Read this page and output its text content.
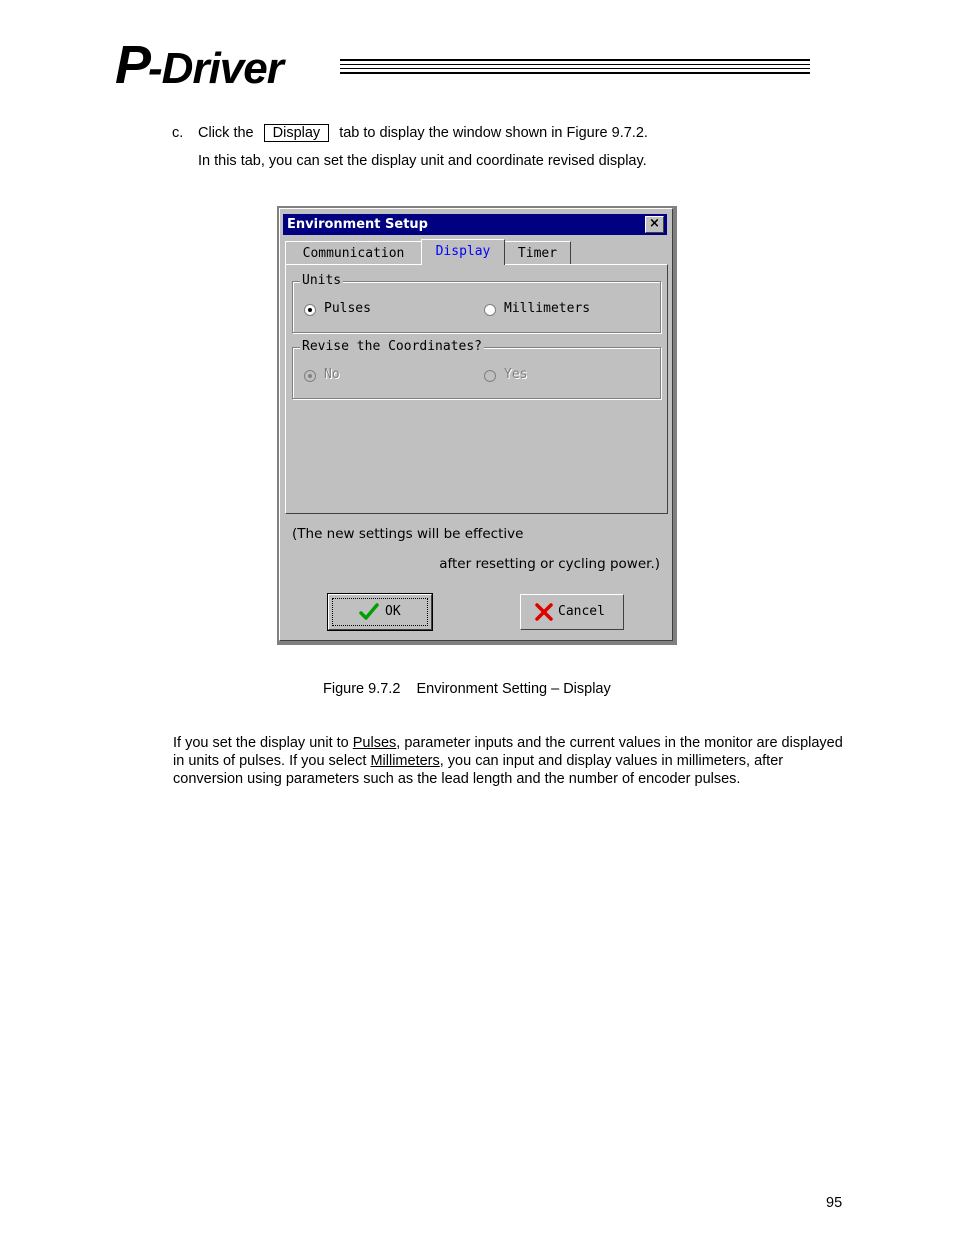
P-Driver
c. Click the Display tab to display the window shown in Figure 9.7.2.
In this tab, you can set the display unit and coordinate revised display.
Environment Setup	×
Communication	Display	Timer
Units
Pulses	Millimeters
Revise the Coordinates?
No	Yes
(The new settings will be effective
after resetting or cycling power.)
OK	Cancel
Figure 9.7.2 Environment Setting – Display
If you set the display unit to Pulses, parameter inputs and the current values in the monitor are displayed in units of pulses. If you select Millimeters, you can input and display values in millimeters, after conversion using parameters such as the lead length and the number of encoder pulses.
95
